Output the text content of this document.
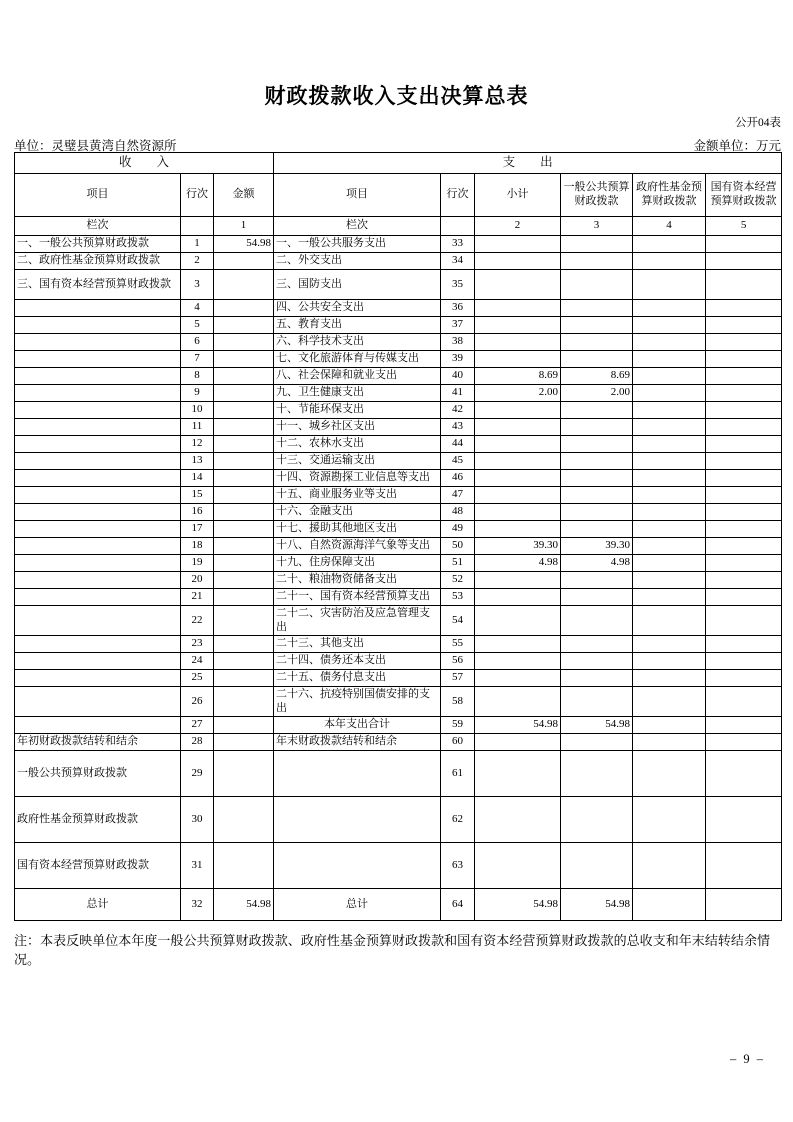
财政拨款收入支出决算总表
公开04表
单位：灵璧县黄湾自然资源所	金额单位：万元
收　　入			支　　出					
项目	行次	金额	项目	行次	小计	一般公共预算财政拨款	政府性基金预算财政拨款	国有资本经营预算财政拨款
栏次		1	栏次		2	3	4	5
一、一般公共预算财政拨款	1	54.98	一、一般公共服务支出	33				
二、政府性基金预算财政拨款	2		二、外交支出	34				
三、国有资本经营预算财政拨款	3		三、国防支出	35				
	4		四、公共安全支出	36				
	5		五、教育支出	37				
	6		六、科学技术支出	38				
	7		七、文化旅游体育与传媒支出	39				
	8		八、社会保障和就业支出	40	8.69	8.69		
	9		九、卫生健康支出	41	2.00	2.00		
	10		十、节能环保支出	42				
	11		十一、城乡社区支出	43				
	12		十二、农林水支出	44				
	13		十三、交通运输支出	45				
	14		十四、资源勘探工业信息等支出	46				
	15		十五、商业服务业等支出	47				
	16		十六、金融支出	48				
	17		十七、援助其他地区支出	49				
	18		十八、自然资源海洋气象等支出	50	39.30	39.30		
	19		十九、住房保障支出	51	4.98	4.98		
	20		二十、粮油物资储备支出	52				
	21		二十一、国有资本经营预算支出	53				
	22		二十二、灾害防治及应急管理支出	54				
	23		二十三、其他支出	55				
	24		二十四、债务还本支出	56				
	25		二十五、债务付息支出	57				
	26		二十六、抗疫特别国债安排的支出	58				
	27		本年支出合计	59	54.98	54.98		
年初财政拨款结转和结余	28		年末财政拨款结转和结余	60				
一般公共预算财政拨款	29			61				
政府性基金预算财政拨款	30			62				
国有资本经营预算财政拨款	31			63				
总计	32	54.98	总计	64	54.98	54.98		
注：本表反映单位本年度一般公共预算财政拨款、政府性基金预算财政拨款和国有资本经营预算财政拨款的总收支和年末结转结余情况。
– 9 –
